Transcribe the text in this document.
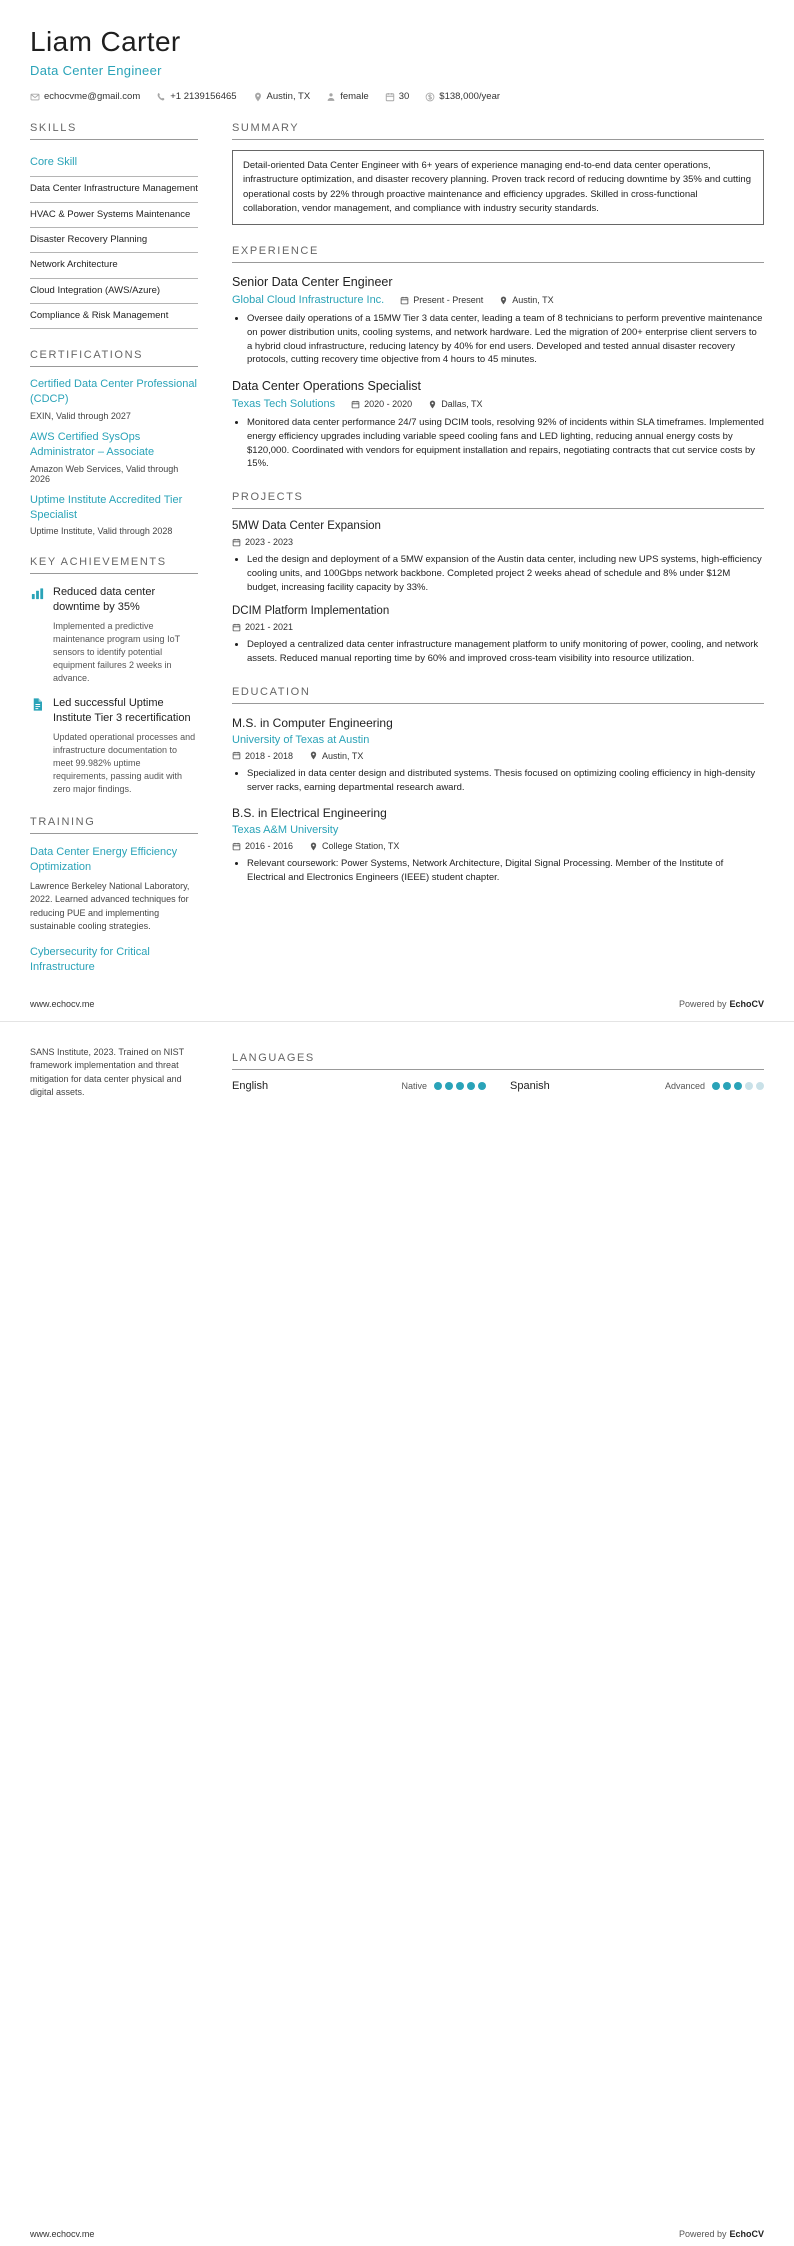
Liam Carter
Data Center Engineer
echocvme@gmail.com	+1 2139156465	Austin, TX	female	30	$138,000/year
SKILLS
Core Skill
Data Center Infrastructure Management
HVAC & Power Systems Maintenance
Disaster Recovery Planning
Network Architecture
Cloud Integration (AWS/Azure)
Compliance & Risk Management
CERTIFICATIONS
Certified Data Center Professional (CDCP)
EXIN, Valid through 2027
AWS Certified SysOps Administrator – Associate
Amazon Web Services, Valid through 2026
Uptime Institute Accredited Tier Specialist
Uptime Institute, Valid through 2028
KEY ACHIEVEMENTS
Reduced data center downtime by 35%
Implemented a predictive maintenance program using IoT sensors to identify potential equipment failures 2 weeks in advance.
Led successful Uptime Institute Tier 3 recertification
Updated operational processes and infrastructure documentation to meet 99.982% uptime requirements, passing audit with zero major findings.
TRAINING
Data Center Energy Efficiency Optimization
Lawrence Berkeley National Laboratory, 2022. Learned advanced techniques for reducing PUE and implementing sustainable cooling strategies.
Cybersecurity for Critical Infrastructure
SUMMARY
Detail-oriented Data Center Engineer with 6+ years of experience managing end-to-end data center operations, infrastructure optimization, and disaster recovery planning. Proven track record of reducing downtime by 35% and cutting operational costs by 22% through proactive maintenance and efficiency upgrades. Skilled in cross-functional collaboration, vendor management, and compliance with industry security standards.
EXPERIENCE
Senior Data Center Engineer
Global Cloud Infrastructure Inc.	Present - Present	Austin, TX
• Oversee daily operations of a 15MW Tier 3 data center, leading a team of 8 technicians to perform preventive maintenance on power distribution units, cooling systems, and network hardware. Led the migration of 200+ enterprise client servers to a hybrid cloud infrastructure, reducing latency by 40% for end users. Developed and tested annual disaster recovery protocols, cutting recovery time objective from 4 hours to 45 minutes.
Data Center Operations Specialist
Texas Tech Solutions	2020 - 2020	Dallas, TX
• Monitored data center performance 24/7 using DCIM tools, resolving 92% of incidents within SLA timeframes. Implemented energy efficiency upgrades including variable speed cooling fans and LED lighting, reducing annual energy costs by $120,000. Coordinated with vendors for equipment installation and repairs, negotiating contracts that cut service costs by 15%.
PROJECTS
5MW Data Center Expansion
2023 - 2023
• Led the design and deployment of a 5MW expansion of the Austin data center, including new UPS systems, high-efficiency cooling units, and 100Gbps network backbone. Completed project 2 weeks ahead of schedule and 8% under $12M budget, increasing facility capacity by 33%.
DCIM Platform Implementation
2021 - 2021
• Deployed a centralized data center infrastructure management platform to unify monitoring of power, cooling, and network assets. Reduced manual reporting time by 60% and improved cross-team visibility into resource utilization.
EDUCATION
M.S. in Computer Engineering
University of Texas at Austin
2018 - 2018	Austin, TX
• Specialized in data center design and distributed systems. Thesis focused on optimizing cooling efficiency in high-density server racks, earning departmental research award.
B.S. in Electrical Engineering
Texas A&M University
2016 - 2016	College Station, TX
• Relevant coursework: Power Systems, Network Architecture, Digital Signal Processing. Member of the Institute of Electrical and Electronics Engineers (IEEE) student chapter.
www.echocv.me	Powered by EchoCV
SANS Institute, 2023. Trained on NIST framework implementation and threat mitigation for data center physical and digital assets.
LANGUAGES
English	Native	Spanish	Advanced
www.echocv.me	Powered by EchoCV
